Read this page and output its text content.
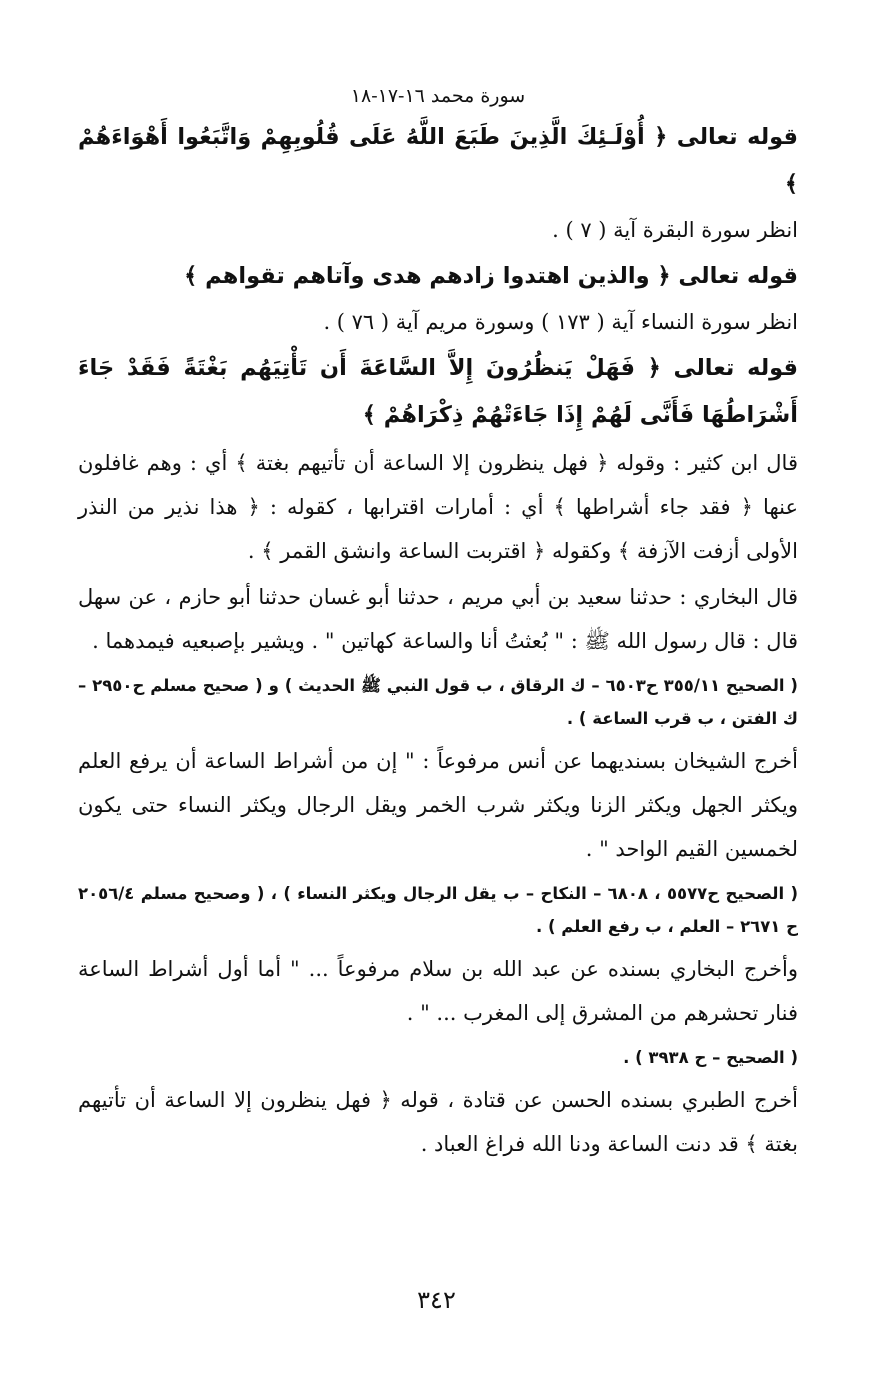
سورة محمد ١٦-١٧-١٨

قوله تعالى ﴿ أُوْلَـئِكَ الَّذِينَ طَبَعَ اللَّهُ عَلَى قُلُوبِهِمْ وَاتَّبَعُوا أَهْوَاءَهُمْ ﴾

انظر سورة البقرة آية ( ٧ ) .

قوله تعالى ﴿ والذين اهتدوا زادهم هدى وآتاهم تقواهم ﴾

انظر سورة النساء آية ( ١٧٣ ) وسورة مريم آية ( ٧٦ ) .

قوله تعالى ﴿ فَهَلْ يَنظُرُونَ إِلاَّ السَّاعَةَ أَن تَأْتِيَهُم بَغْتَةً فَقَدْ جَاءَ أَشْرَاطُهَا فَأَنَّى لَهُمْ إِذَا جَاءَتْهُمْ ذِكْرَاهُمْ ﴾

قال ابن كثير : وقوله ﴿ فهل ينظرون إلا الساعة أن تأتيهم بغتة ﴾ أي : وهم غافلون عنها ﴿ فقد جاء أشراطها ﴾ أي : أمارات اقترابها ، كقوله : ﴿ هذا نذير من النذر الأولى أزفت الآزفة ﴾ وكقوله ﴿ اقتربت الساعة وانشق القمر ﴾ .

قال البخاري : حدثنا سعيد بن أبي مريم ، حدثنا أبو غسان حدثنا أبو حازم ، عن سهل قال : قال رسول الله ﷺ : " بُعثتُ أنا والساعة كهاتين " . ويشير بإصبعيه فيمدهما .

( الصحيح ٣٥٥/١١ ح٦٥٠٣ – ك الرقاق ، ب قول النبي ﷺ الحديث ) و ( صحيح مسلم ح٢٩٥٠ – ك الفتن ، ب قرب الساعة ) .

أخرج الشيخان بسنديهما عن أنس مرفوعاً : " إن من أشراط الساعة أن يرفع العلم ويكثر الجهل ويكثر الزنا ويكثر شرب الخمر ويقل الرجال ويكثر النساء حتى يكون لخمسين القيم الواحد " .

( الصحيح ح٥٥٧٧ ، ٦٨٠٨ – النكاح – ب يقل الرجال ويكثر النساء ) ، ( وصحيح مسلم ٢٠٥٦/٤ ح ٢٦٧١ – العلم ، ب رفع العلم ) .

وأخرج البخاري بسنده عن عبد الله بن سلام مرفوعاً ... " أما أول أشراط الساعة فنار تحشرهم من المشرق إلى المغرب ... " .

( الصحيح – ح ٣٩٣٨ ) .

أخرج الطبري بسنده الحسن عن قتادة ، قوله ﴿ فهل ينظرون إلا الساعة أن تأتيهم بغتة ﴾ قد دنت الساعة ودنا الله فراغ العباد .

٣٤٢
